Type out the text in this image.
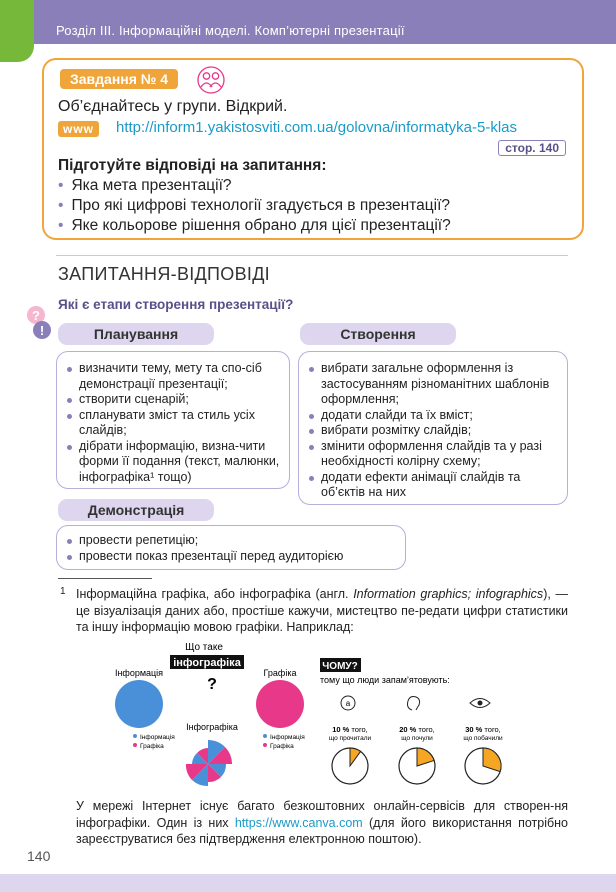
Розділ ІІІ. Інформаційні моделі. Комп’ютерні презентації
Завдання № 4
Об’єднайтесь у групи. Відкрий.
www	http://inform1.yakistosviti.com.ua/golovna/informatyka-5-klas
стор. 140
Підготуйте відповіді на запитання:
• Яка мета презентації?
• Про які цифрові технології згадується в презентації?
• Яке кольорове рішення обрано для цієї презентації?
ЗАПИТАННЯ-ВІДПОВІДІ
?
!
Які є етапи створення презентації?
Планування
визначити тему, мету та спо-сіб демонстрації презентації;
створити сценарій;
спланувати зміст та стиль усіх слайдів;
дібрати інформацію, визна-чити форми її подання (текст, малюнки, інфографіка¹ тощо)
Створення
вибрати загальне оформлення із застосуванням різноманітних шаблонів оформлення;
додати слайди та їх вміст;
вибрати розмітку слайдів;
змінити оформлення слайдів та у разі необхідності колірну схему;
додати ефекти анімації слайдів та об’єктів на них
Демонстрація
провести репетицію;
провести показ презентації перед аудиторією
1 Інформаційна графіка, або інфографіка (англ. Information graphics; infographics), — це візуалізація даних або, простіше кажучи, мистецтво пе-редати цифри статистики та іншу інформацію мовою графіки. Наприклад:
Що таке
інфографіка
?
Інформація
Інформація
Графіка
Інфографіка
Графіка
Інформація
Графіка
ЧОМУ?
тому що люди запам’ятовують:
a
10 % того,
що прочитали
20 % того,
що почули
30 % того,
що побачили
У мережі Інтернет існує багато безкоштовних онлайн-сервісів для створен-ня інфографіки. Один із них https://www.canva.com (для його використання потрібно зареєструватися без підтвердження електронною поштою).
140
